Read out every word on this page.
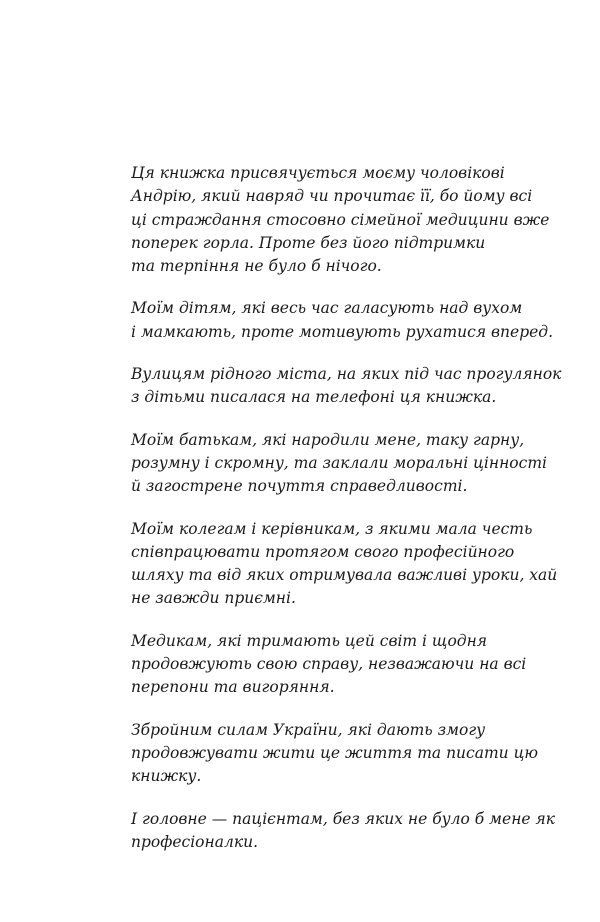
Ця книжка присвячується моєму чоловікові
Андрію, який навряд чи прочитає її, бо йому всі
ці страждання стосовно сімейної медицини вже
поперек горла. Проте без його підтримки
та терпіння не було б нічого.

Моїм дітям, які весь час галасують над вухом
і мамкають, проте мотивують рухатися вперед.

Вулицям рідного міста, на яких під час прогулянок
з дітьми писалася на телефоні ця книжка.

Моїм батькам, які народили мене, таку гарну,
розумну і скромну, та заклали моральні цінності
й загострене почуття справедливості.

Моїм колегам і керівникам, з якими мала честь
співпрацювати протягом свого професійного
шляху та від яких отримувала важливі уроки, хай
не завжди приємні.

Медикам, які тримають цей світ і щодня
продовжують свою справу, незважаючи на всі
перепони та вигоряння.

Збройним силам України, які дають змогу
продовжувати жити це життя та писати цю
книжку.

І головне — пацієнтам, без яких не було б мене як
професіоналки.
